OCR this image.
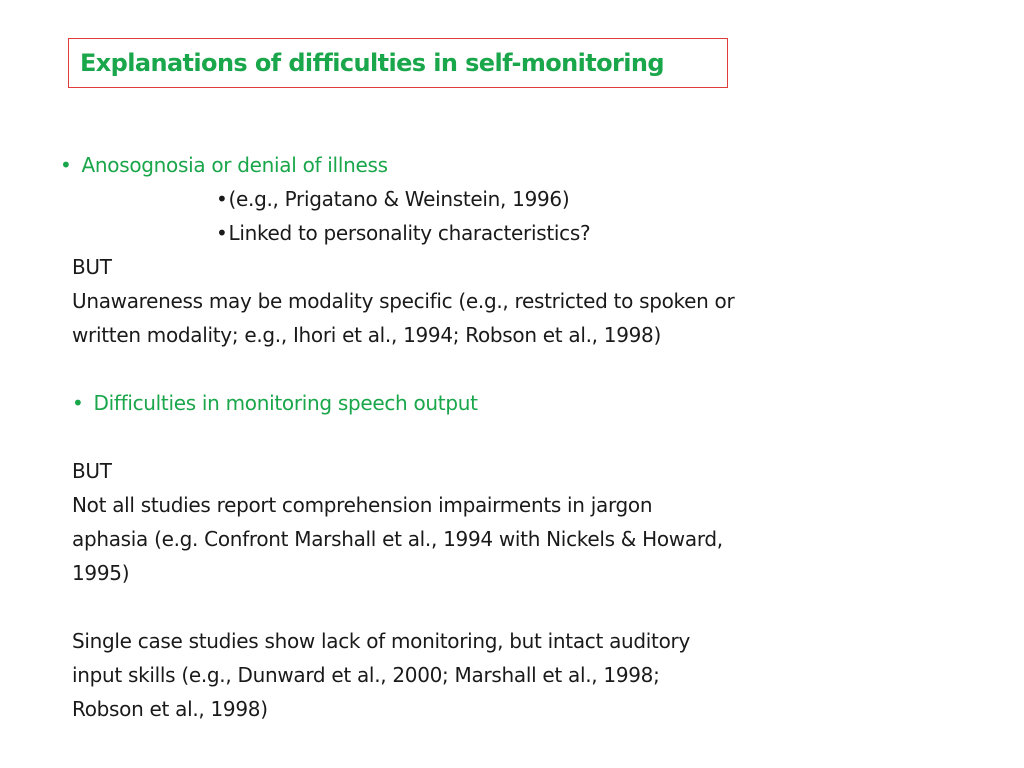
Explanations of difficulties in self-monitoring
• Anosognosia or denial of illness
•(e.g., Prigatano & Weinstein, 1996)
•Linked to personality characteristics?
BUT
Unawareness may be modality specific (e.g., restricted to spoken or
written modality; e.g., Ihori et al., 1994; Robson et al., 1998)
• Difficulties in monitoring speech output
BUT
Not all studies report comprehension impairments in jargon
aphasia (e.g. Confront Marshall et al., 1994 with Nickels & Howard,
1995)
Single case studies show lack of monitoring, but intact auditory
input skills (e.g., Dunward et al., 2000; Marshall et al., 1998;
Robson et al., 1998)
